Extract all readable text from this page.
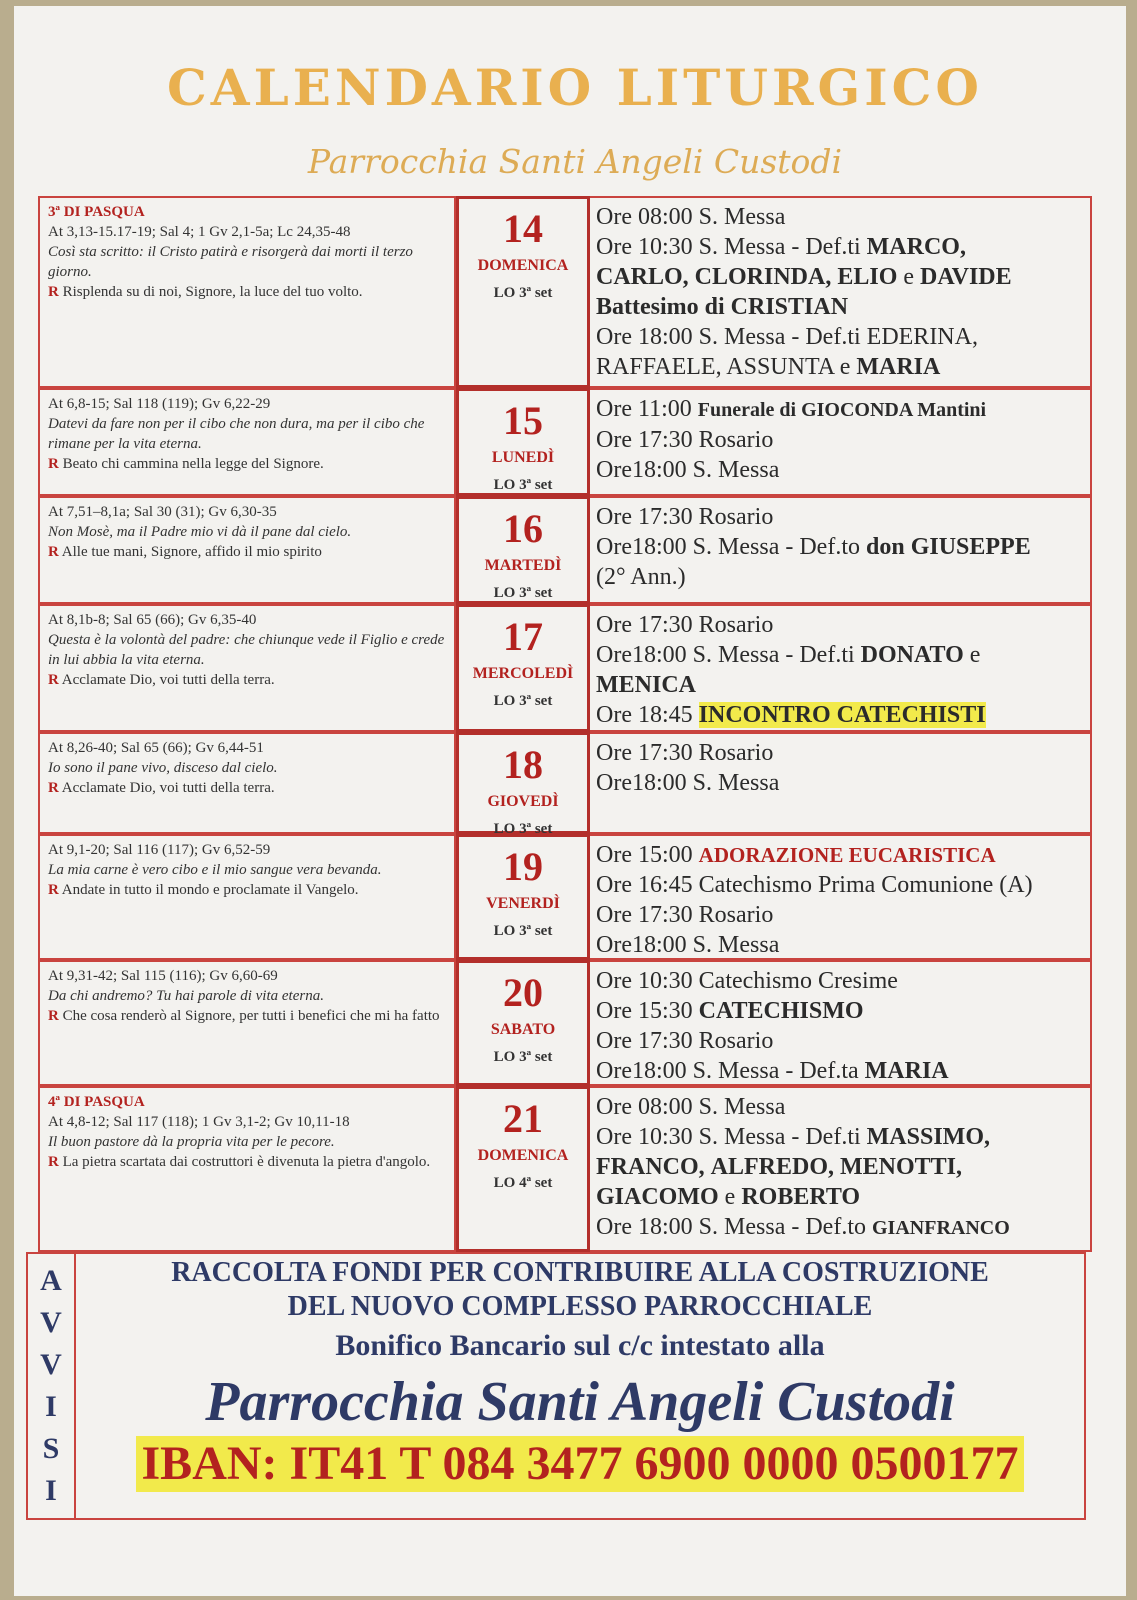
CALENDARIO LITURGICO
Parrocchia Santi Angeli Custodi
3ª DI PASQUA
At 3,13-15.17-19; Sal 4; 1 Gv 2,1-5a; Lc 24,35-48
Così sta scritto: il Cristo patirà e risorgerà dai morti il terzo giorno.
R Risplenda su di noi, Signore, la luce del tuo volto.
14
DOMENICA
LO 3ª set
Ore 08:00 S. Messa
Ore 10:30 S. Messa - Def.ti MARCO,
CARLO, CLORINDA, ELIO e DAVIDE
Battesimo di CRISTIAN
Ore 18:00 S. Messa - Def.ti EDERINA,
RAFFAELE, ASSUNTA e MARIA
At 6,8-15; Sal 118 (119); Gv 6,22-29
Datevi da fare non per il cibo che non dura, ma per il cibo che rimane per la vita eterna.
R Beato chi cammina nella legge del Signore.
15
LUNEDÌ
LO 3ª set
Ore 11:00 Funerale di GIOCONDA Mantini
Ore 17:30 Rosario
Ore18:00 S. Messa
At 7,51–8,1a; Sal 30 (31); Gv 6,30-35
Non Mosè, ma il Padre mio vi dà il pane dal cielo.
R Alle tue mani, Signore, affido il mio spirito
16
MARTEDÌ
LO 3ª set
Ore 17:30 Rosario
Ore18:00 S. Messa - Def.to don GIUSEPPE
(2° Ann.)
At 8,1b-8; Sal 65 (66); Gv 6,35-40
Questa è la volontà del padre: che chiunque vede il Figlio e crede in lui abbia la vita eterna.
R Acclamate Dio, voi tutti della terra.
17
MERCOLEDÌ
LO 3ª set
Ore 17:30 Rosario
Ore18:00 S. Messa - Def.ti DONATO e
MENICA
Ore 18:45 INCONTRO CATECHISTI
At 8,26-40; Sal 65 (66); Gv 6,44-51
Io sono il pane vivo, disceso dal cielo.
R Acclamate Dio, voi tutti della terra.
18
GIOVEDÌ
LO 3ª set
Ore 17:30 Rosario
Ore18:00 S. Messa
At 9,1-20; Sal 116 (117); Gv 6,52-59
La mia carne è vero cibo e il mio sangue vera bevanda.
R Andate in tutto il mondo e proclamate il Vangelo.
19
VENERDÌ
LO 3ª set
Ore 15:00 ADORAZIONE EUCARISTICA
Ore 16:45 Catechismo Prima Comunione (A)
Ore 17:30 Rosario
Ore18:00 S. Messa
At 9,31-42; Sal 115 (116); Gv 6,60-69
Da chi andremo? Tu hai parole di vita eterna.
R Che cosa renderò al Signore, per tutti i benefici che mi ha fatto
20
SABATO
LO 3ª set
Ore 10:30 Catechismo Cresime
Ore 15:30 CATECHISMO
Ore 17:30 Rosario
Ore18:00 S. Messa - Def.ta MARIA
4ª DI PASQUA
At 4,8-12; Sal 117 (118); 1 Gv 3,1-2; Gv 10,11-18
Il buon pastore dà la propria vita per le pecore.
R La pietra scartata dai costruttori è divenuta la pietra d'angolo.
21
DOMENICA
LO 4ª set
Ore 08:00 S. Messa
Ore 10:30 S. Messa - Def.ti MASSIMO,
FRANCO, ALFREDO, MENOTTI,
GIACOMO e ROBERTO
Ore 18:00 S. Messa - Def.to GIANFRANCO
A
V
V
I
S
I
RACCOLTA FONDI PER CONTRIBUIRE ALLA COSTRUZIONE
DEL NUOVO COMPLESSO PARROCCHIALE
Bonifico Bancario sul c/c intestato alla
Parrocchia Santi Angeli Custodi
IBAN: IT41 T 084 3477 6900 0000 0500177
